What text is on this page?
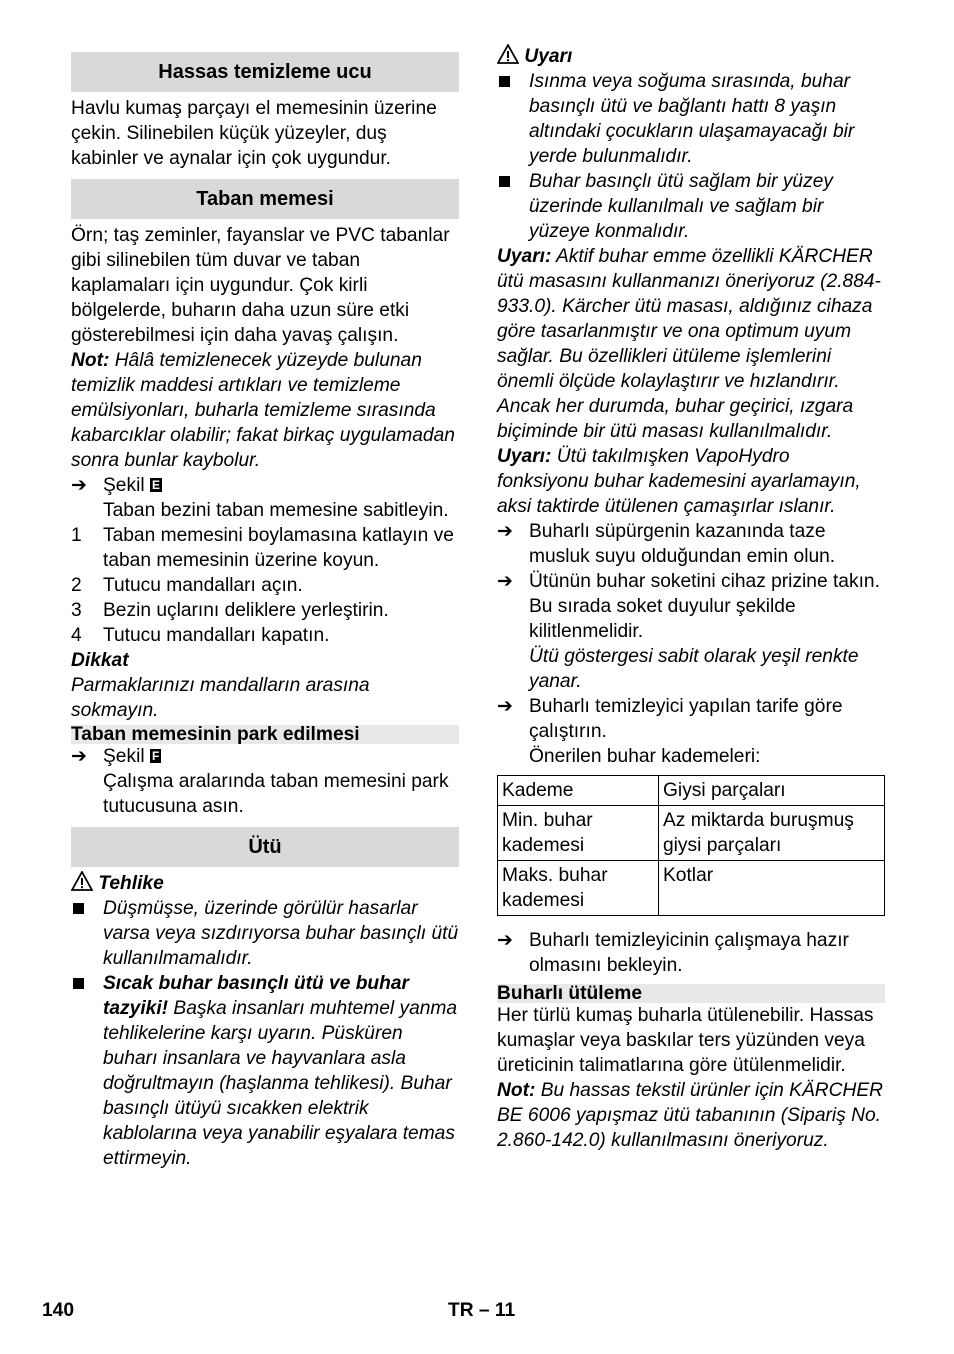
Hassas temizleme ucu

Havlu kumaş parçayı el memesinin üzerine çekin. Silinebilen küçük yüzeyler, duş kabinler ve aynalar için çok uygundur.

Taban memesi

Örn; taş zeminler, fayanslar ve PVC tabanlar gibi silinebilen tüm duvar ve taban kaplamaları için uygundur. Çok kirli bölgelerde, buharın daha uzun süre etki gösterebilmesi için daha yavaş çalışın.

Not: Hâlâ temizlenecek yüzeyde bulunan temizlik maddesi artıkları ve temizleme emülsiyonları, buharla temizleme sırasında kabarcıklar olabilir; fakat birkaç uygulamadan sonra bunlar kaybolur.

➔ Şekil E
Taban bezini taban memesine sabitleyin.
1	Taban memesini boylamasına katlayın ve taban memesinin üzerine koyun.
2	Tutucu mandalları açın.
3	Bezin uçlarını deliklere yerleştirin.
4	Tutucu mandalları kapatın.

Dikkat

Parmaklarınızı mandalların arasına sokmayın.

Taban memesinin park edilmesi
➔ Şekil F
Çalışma aralarında taban memesini park tutucusuna asın.
Ütü

Tehlike

Düşmüşse, üzerinde görülür hasarlar varsa veya sızdırıyorsa buhar basınçlı ütü kullanılmamalıdır.
Sıcak buhar basınçlı ütü ve buhar tazyiki! Başka insanları muhtemel yanma tehlikelerine karşı uyarın. Püsküren buharı insanlara ve hayvanlara asla doğrultmayın (haşlanma tehlikesi). Buhar basınçlı ütüyü sıcakken elektrik kablolarına veya yanabilir eşyalara temas ettirmeyin.

Uyarı

Isınma veya soğuma sırasında, buhar basınçlı ütü ve bağlantı hattı 8 yaşın altındaki çocukların ulaşamayacağı bir yerde bulunmalıdır.
Buhar basınçlı ütü sağlam bir yüzey üzerinde kullanılmalı ve sağlam bir yüzeye konmalıdır.

Uyarı: Aktif buhar emme özellikli KÄRCHER ütü masasını kullanmanızı öneriyoruz (2.884-933.0). Kärcher ütü masası, aldığınız cihaza göre tasarlanmıştır ve ona optimum uyum sağlar. Bu özellikleri ütüleme işlemlerini önemli ölçüde kolaylaştırır ve hızlandırır. Ancak her durumda, buhar geçirici, ızgara biçiminde bir ütü masası kullanılmalıdır.

Uyarı: Ütü takılmışken VapoHydro fonksiyonu buhar kademesini ayarlamayın, aksi taktirde ütülenen çamaşırlar ıslanır.

➔ Buharlı süpürgenin kazanında taze musluk suyu olduğundan emin olun.
➔ Ütünün buhar soketini cihaz prizine takın. Bu sırada soket duyulur şekilde kilitlenmelidir.

Ütü göstergesi sabit olarak yeşil renkte yanar.

➔ Buharlı temizleyici yapılan tarife göre çalıştırın.

Önerilen buhar kademeleri:

Kademe	Giysi parçaları
Min. buhar kademesi	Az miktarda buruşmuş giysi parçaları
Maks. buhar kademesi	Kotlar
➔ Buharlı temizleyicinin çalışmaya hazır olmasını bekleyin.
Buharlı ütüleme

Her türlü kumaş buharla ütülenebilir. Hassas kumaşlar veya baskılar ters yüzünden veya üreticinin talimatlarına göre ütülenmelidir.

Not: Bu hassas tekstil ürünler için KÄRCHER BE 6006 yapışmaz ütü tabanının (Sipariş No. 2.860-142.0) kullanılmasını öneriyoruz.

140	TR – 11
